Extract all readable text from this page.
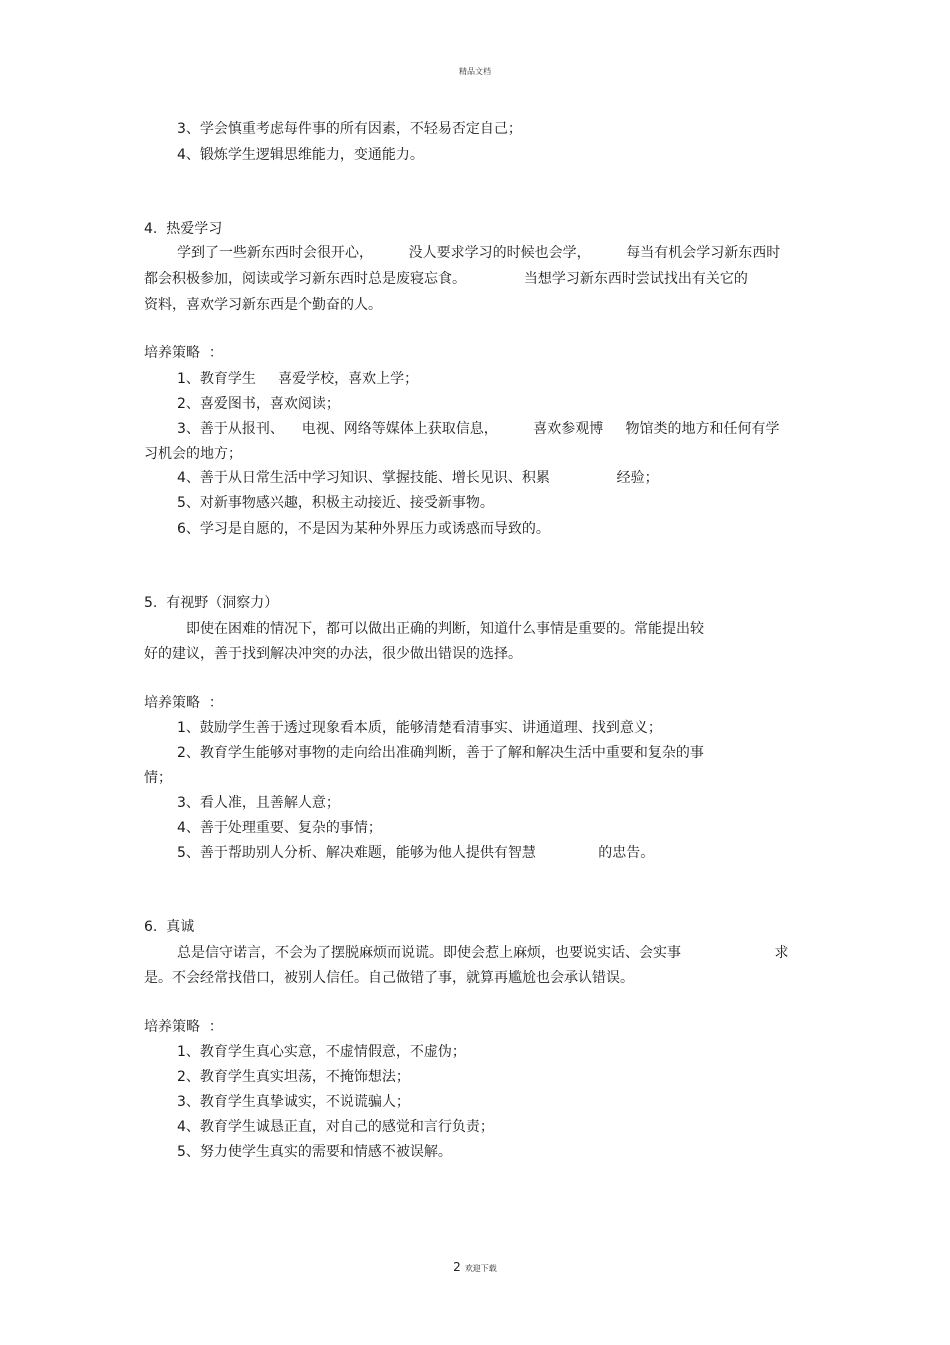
精品文档
3、学会慎重考虑每件事的所有因素，不轻易否定自己；
4、锻炼学生逻辑思维能力，变通能力。
4.  热爱学习
学到了一些新东西时会很开心，        没人要求学习的时候也会学，        每当有机会学习新东西时
都会积极参加，阅读或学习新东西时总是废寝忘食。             当想学习新东西时尝试找出有关它的
资料，喜欢学习新东西是个勤奋的人。
培养策略  ：
1、教育学生     喜爱学校，喜欢上学；
2、喜爱图书，喜欢阅读；
3、善于从报刊、    电视、网络等媒体上获取信息，        喜欢参观博     物馆类的地方和任何有学
习机会的地方；
4、善于从日常生活中学习知识、掌握技能、增长见识、积累               经验；
5、对新事物感兴趣，积极主动接近、接受新事物。
6、学习是自愿的，不是因为某种外界压力或诱惑而导致的。
5.  有视野（洞察力）
即使在困难的情况下，都可以做出正确的判断，知道什么事情是重要的。常能提出较
好的建议，善于找到解决冲突的办法，很少做出错误的选择。
培养策略  ：
1、鼓励学生善于透过现象看本质，能够清楚看清事实、讲通道理、找到意义；
2、教育学生能够对事物的走向给出准确判断，善于了解和解决生活中重要和复杂的事
情；
3、看人准，且善解人意；
4、善于处理重要、复杂的事情；
5、善于帮助别人分析、解决难题，能够为他人提供有智慧              的忠告。
6.  真诚
总是信守诺言，不会为了摆脱麻烦而说谎。即使会惹上麻烦，也要说实话、会实事                     求
是。不会经常找借口，被别人信任。自己做错了事，就算再尴尬也会承认错误。
培养策略  ：
1、教育学生真心实意，不虚情假意，不虚伪；
2、教育学生真实坦荡，不掩饰想法；
3、教育学生真挚诚实，不说谎骗人；
4、教育学生诚恳正直，对自己的感觉和言行负责；
5、努力使学生真实的需要和情感不被误解。
2 欢迎下载
